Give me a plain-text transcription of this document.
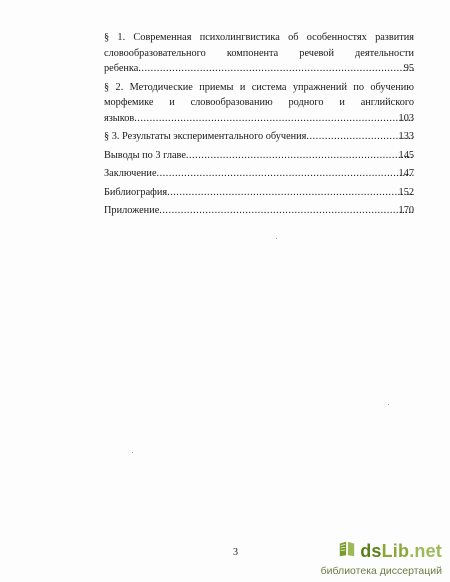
§ 1. Современная психолингвистика об особенностях развития
словообразовательного компонента речевой деятельности
95
ребенка .....
§ 2. Методические приемы и система упражнений по обучению
морфемике и словообразованию родного и английского
103
языков .....
133
§ 3. Результаты экспериментального обучения .....
145
Выводы по 3 главе .....
147
Заключение .....
152
Библиография .....
170
Приложение .....
3	dsLib.net
библиотека диссертаций
